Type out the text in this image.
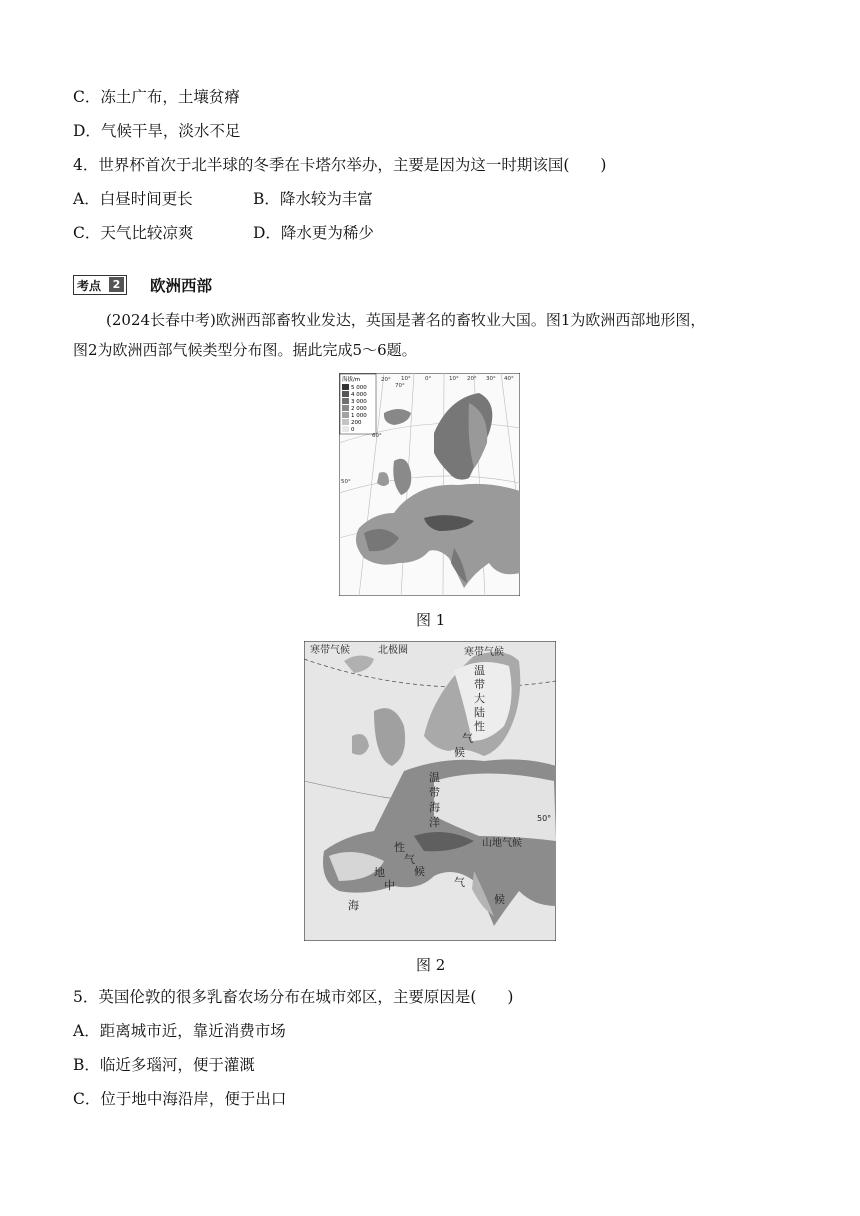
C．冻土广布，土壤贫瘠
D．气候干旱，淡水不足
4．世界杯首次于北半球的冬季在卡塔尔举办，主要是因为这一时期该国(　　)
A．白昼时间更长	B．降水较为丰富
C．天气比较凉爽	D．降水更为稀少
考点	2 欧洲西部
(2024长春中考)欧洲西部畜牧业发达，英国是著名的畜牧业大国。图1为欧洲西部地形图，
图2为欧洲西部气候类型分布图。据此完成5～6题。
海拔/m
5 000
4 000
3 000
2 000
1 000
200
0
20° 10°	0°	10° 20° 30° 40°
70°
60°
50°
图 1
寒带气候	北极圈	寒带气候
50°
山地气候
温
带
大
陆
性
气
候
温
带
海
洋
性
气
候
地
中
海
气
候
图 2
5．英国伦敦的很多乳畜农场分布在城市郊区，主要原因是(　　)
A．距离城市近，靠近消费市场
B．临近多瑙河，便于灌溉
C．位于地中海沿岸，便于出口
